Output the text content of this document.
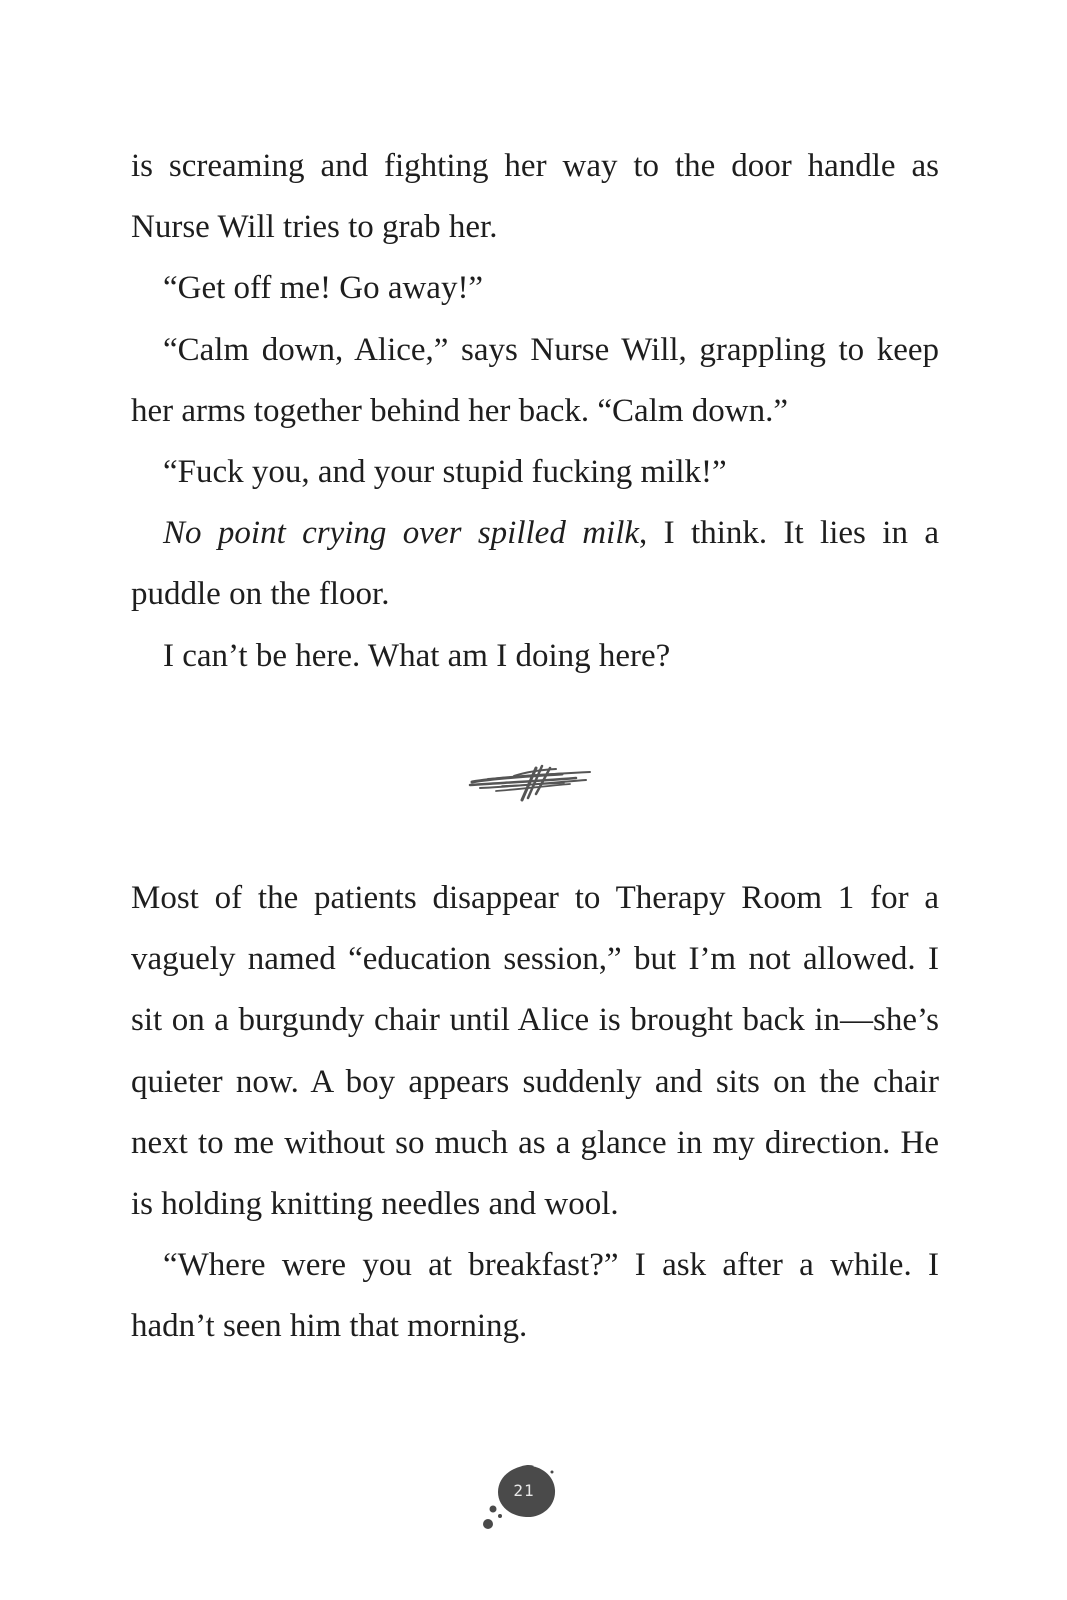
is screaming and fighting her way to the door handle as Nurse Will tries to grab her.

“Get off me! Go away!”

“Calm down, Alice,” says Nurse Will, grappling to keep her arms together behind her back. “Calm down.”

“Fuck you, and your stupid fucking milk!”

No point crying over spilled milk, I think. It lies in a puddle on the floor.

I can’t be here. What am I doing here?

Most of the patients disappear to Therapy Room 1 for a vaguely named “education session,” but I’m not allowed. I sit on a burgundy chair until Alice is brought back in—she’s quieter now. A boy appears suddenly and sits on the chair next to me without so much as a glance in my direction. He is holding knitting needles and wool.

“Where were you at breakfast?” I ask after a while. I hadn’t seen him that morning.

21
